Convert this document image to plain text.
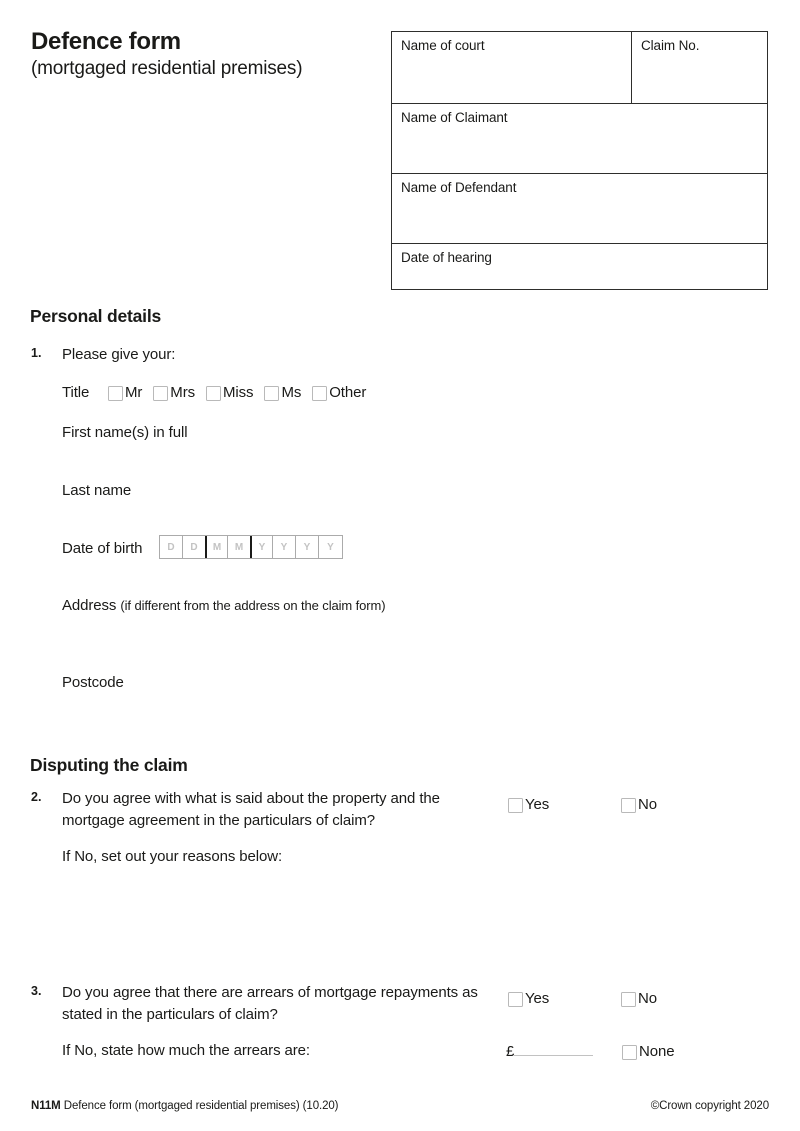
Defence form
(mortgaged residential premises)
Name of court	Claim No.
Name of Claimant
Name of Defendant
Date of hearing
Personal details
1. Please give your:
Title Mr Mrs Miss Ms Other
First name(s) in full
Last name
Date of birth	D	D	M	M	Y	Y	Y	Y
Address (if different from the address on the claim form)
Postcode
Disputing the claim
2. Do you agree with what is said about the property and the mortgage agreement in the particulars of claim?
Yes	No
If No, set out your reasons below:
3. Do you agree that there are arrears of mortgage repayments as stated in the particulars of claim?
Yes	No
If No, state how much the arrears are:	£	None
N11M Defence form (mortgaged residential premises) (10.20)	©Crown copyright 2020
